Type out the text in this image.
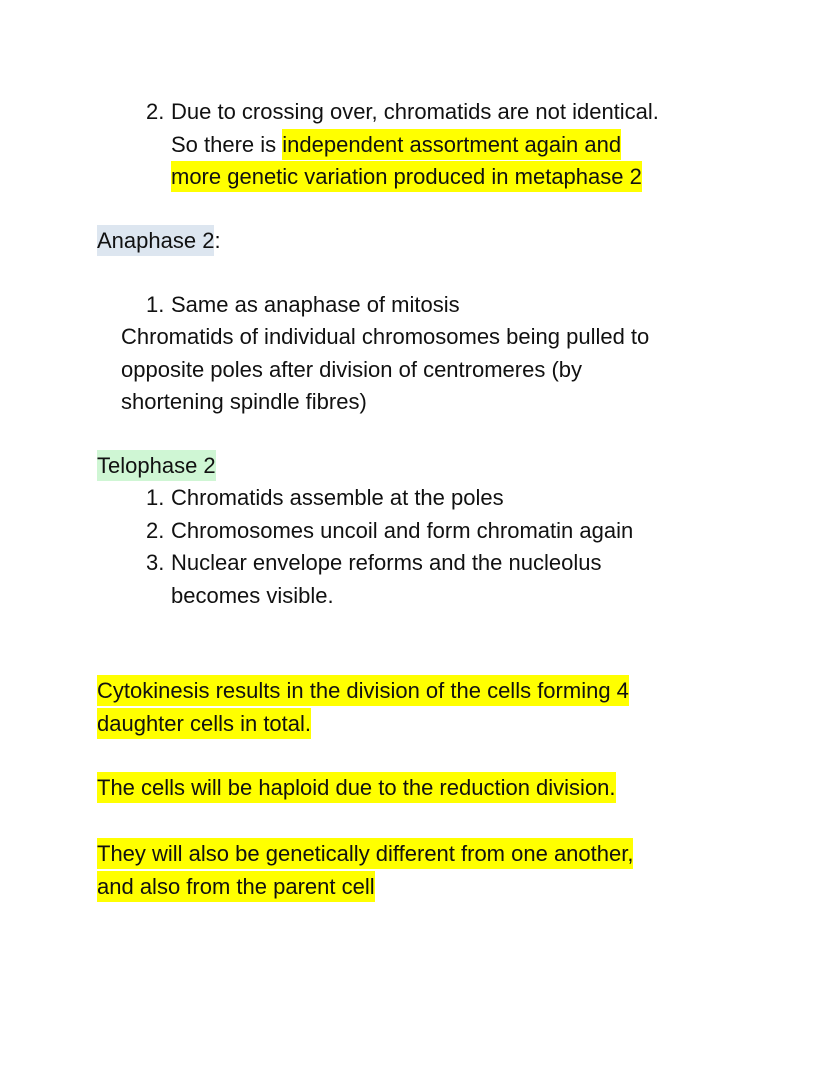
2. Due to crossing over, chromatids are not identical.
So there is independent assortment again and
more genetic variation produced in metaphase 2
Anaphase 2:
1. Same as anaphase of mitosis
Chromatids of individual chromosomes being pulled to
opposite poles after division of centromeres (by
shortening spindle fibres)
Telophase 2
1. Chromatids assemble at the poles
2. Chromosomes uncoil and form chromatin again
3. Nuclear envelope reforms and the nucleolus
becomes visible.
Cytokinesis results in the division of the cells forming 4
daughter cells in total.
The cells will be haploid due to the reduction division.
They will also be genetically different from one another,
and also from the parent cell
